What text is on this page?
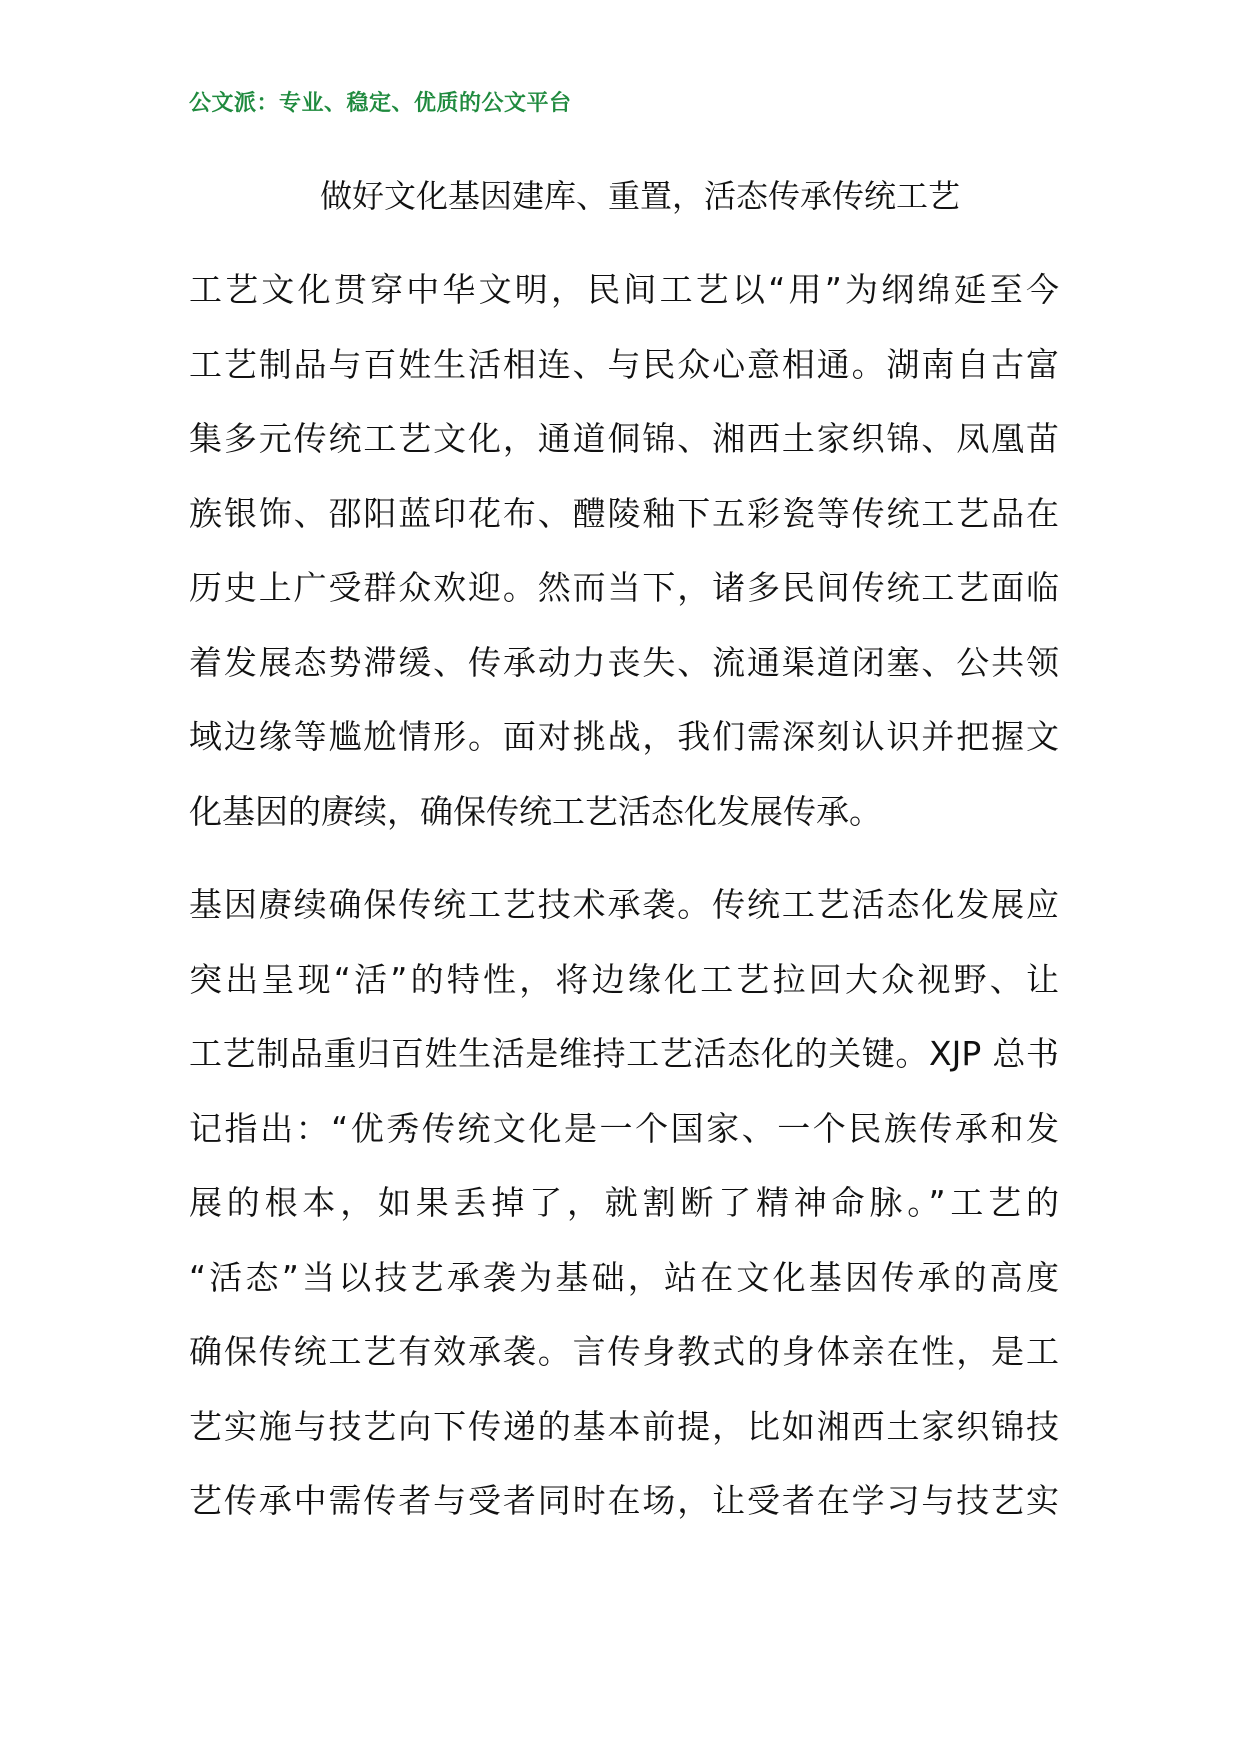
公文派：专业、稳定、优质的公文平台
做好文化基因建库、重置，活态传承传统工艺
工艺文化贯穿中华文明，民间工艺以“用”为纲绵延至今
工艺制品与百姓生活相连、与民众心意相通。湖南自古富
集多元传统工艺文化，通道侗锦、湘西土家织锦、凤凰苗
族银饰、邵阳蓝印花布、醴陵釉下五彩瓷等传统工艺品在
历史上广受群众欢迎。然而当下，诸多民间传统工艺面临
着发展态势滞缓、传承动力丧失、流通渠道闭塞、公共领
域边缘等尴尬情形。面对挑战，我们需深刻认识并把握文
化基因的赓续，确保传统工艺活态化发展传承。
基因赓续确保传统工艺技术承袭。传统工艺活态化发展应
突出呈现“活”的特性，将边缘化工艺拉回大众视野、让
工艺制品重归百姓生活是维持工艺活态化的关键。XJP 总书
记指出：“优秀传统文化是一个国家、一个民族传承和发
展的根本，如果丢掉了，就割断了精神命脉。”工艺的
“活态”当以技艺承袭为基础，站在文化基因传承的高度
确保传统工艺有效承袭。言传身教式的身体亲在性，是工
艺实施与技艺向下传递的基本前提，比如湘西土家织锦技
艺传承中需传者与受者同时在场，让受者在学习与技艺实
